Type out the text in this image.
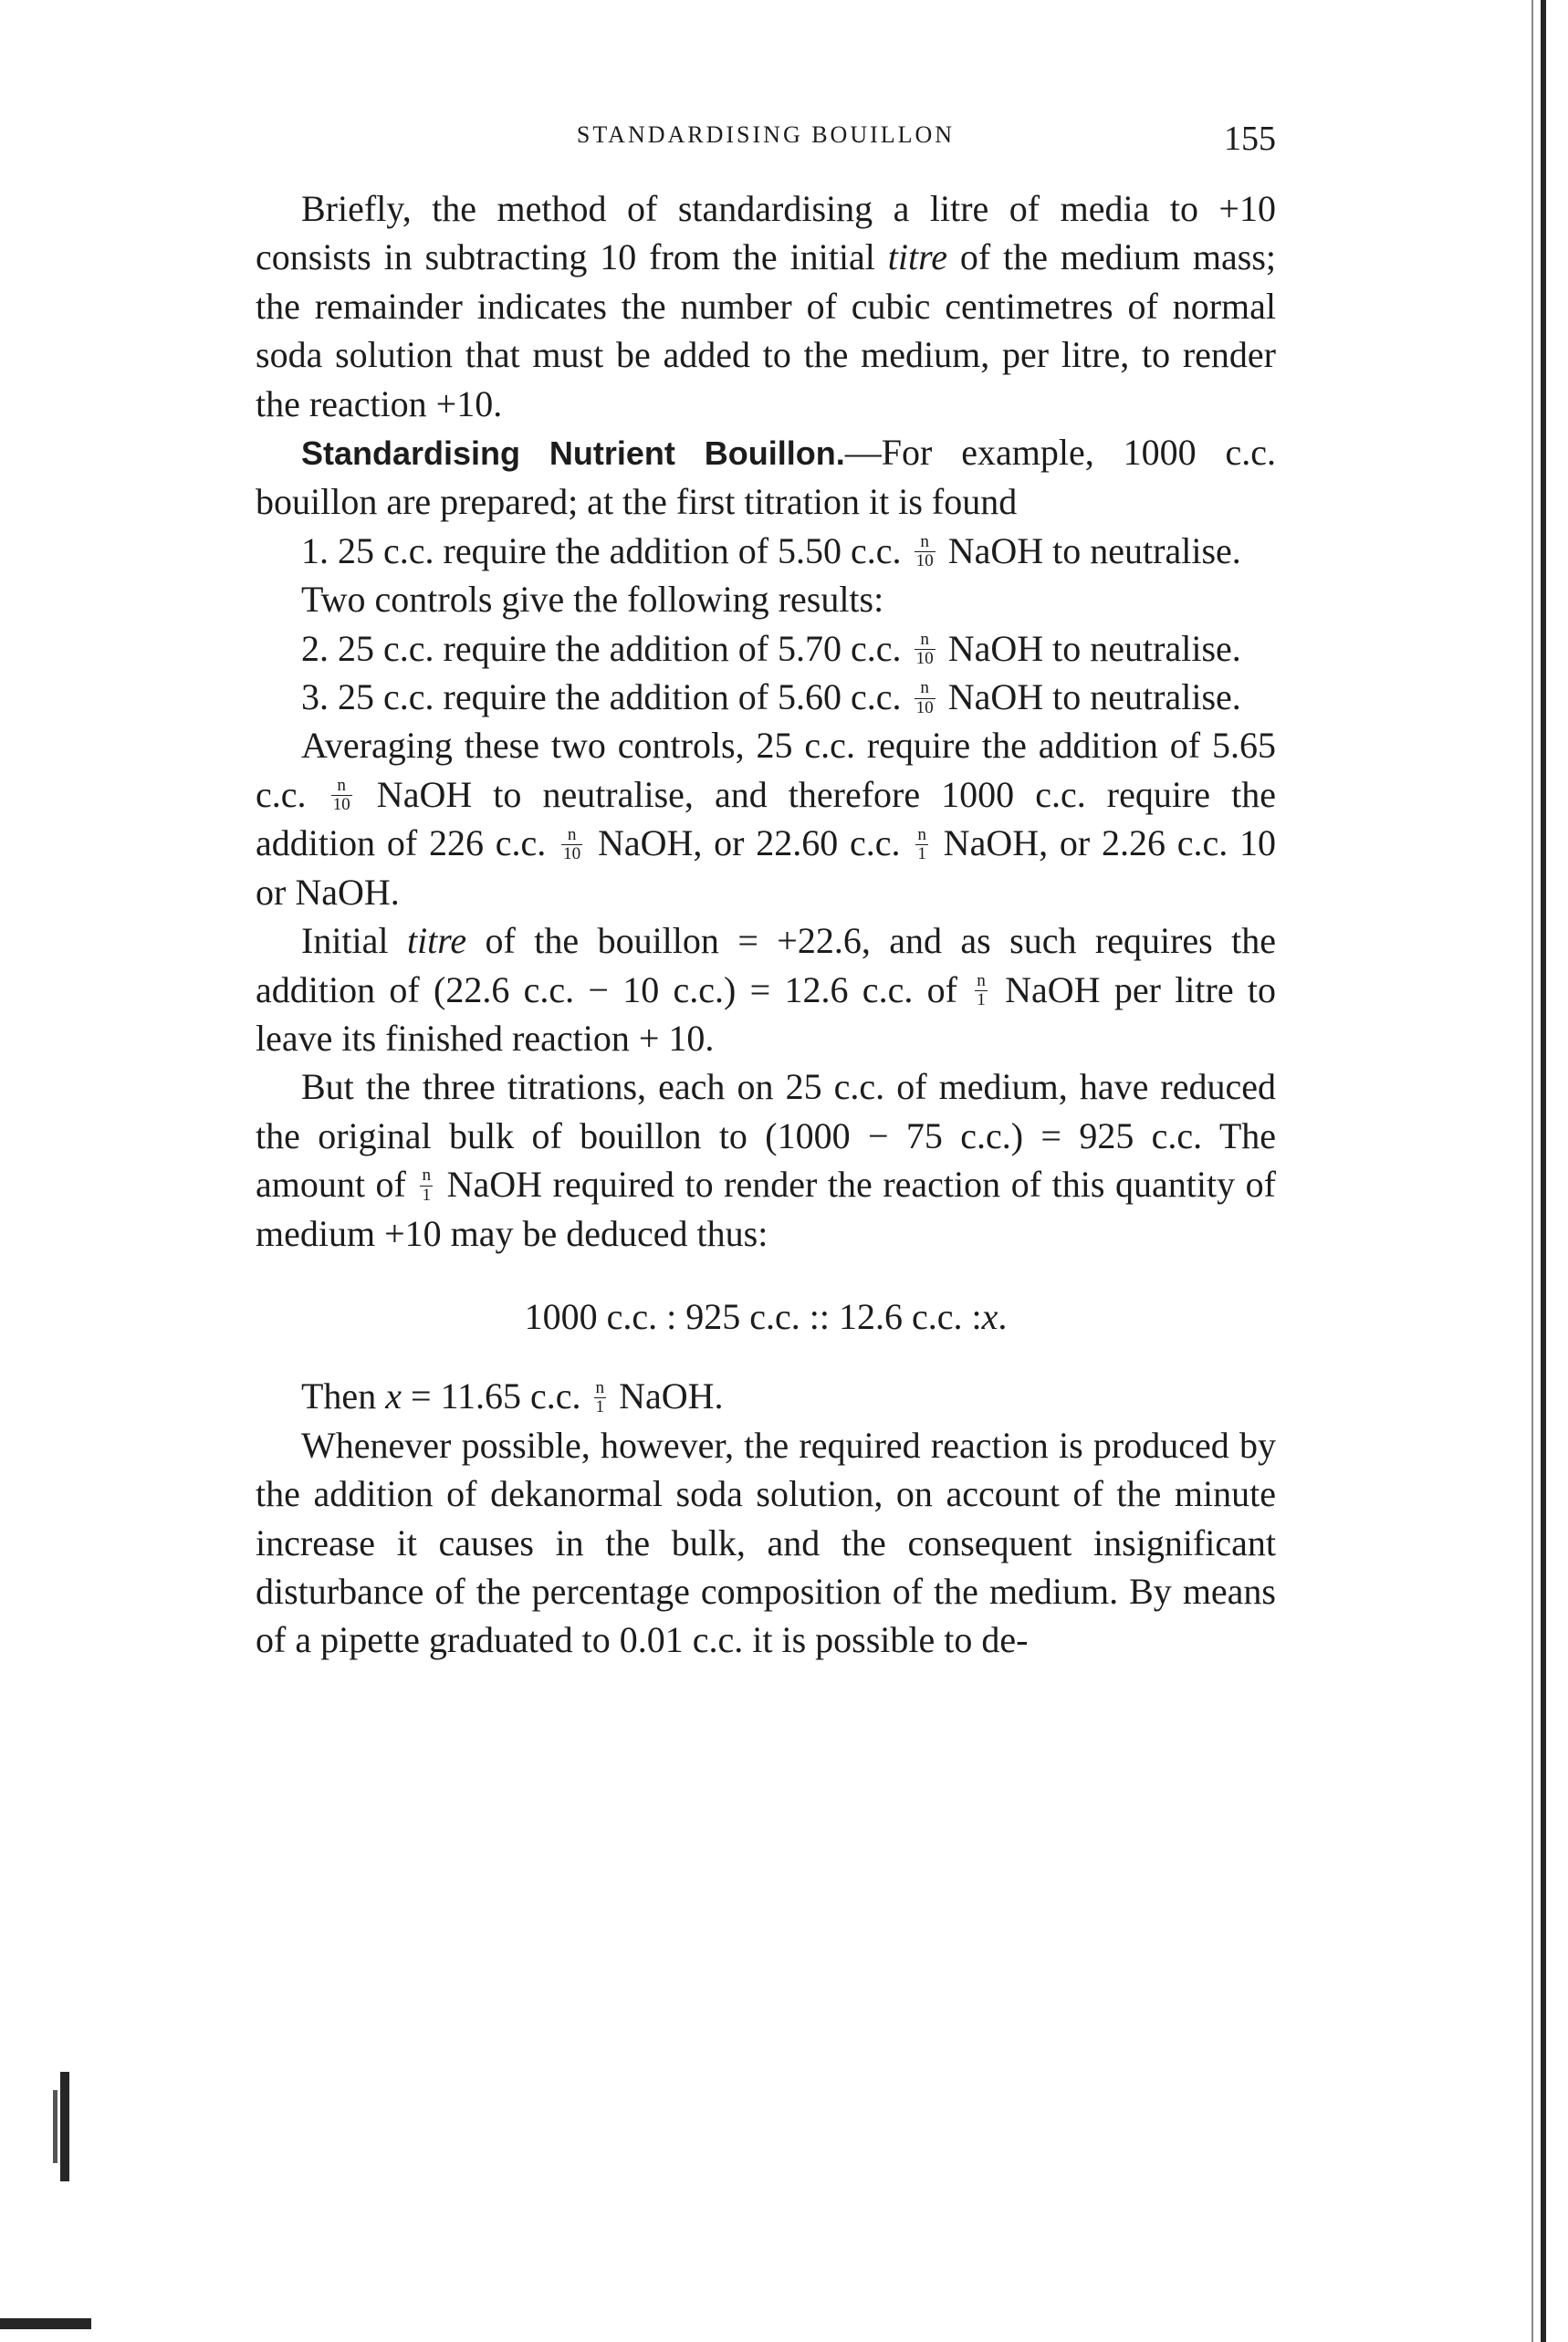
STANDARDISING BOUILLON	155

Briefly, the method of standardising a litre of media to +10 consists in subtracting 10 from the initial titre of the medium mass; the remainder indicates the number of cubic centimetres of normal soda solution that must be added to the medium, per litre, to render the reaction +10.

Standardising Nutrient Bouillon.—For example, 1000 c.c. bouillon are prepared; at the first titration it is found

1. 25 c.c. require the addition of 5.50 c.c. $\frac{n}{10}$ NaOH to neutralise.

Two controls give the following results:

2. 25 c.c. require the addition of 5.70 c.c. $\frac{n}{10}$ NaOH to neutralise.

3. 25 c.c. require the addition of 5.60 c.c. $\frac{n}{10}$ NaOH to neutralise.

Averaging these two controls, 25 c.c. require the addition of 5.65 c.c. $\frac{n}{10}$ NaOH to neutralise, and therefore 1000 c.c. require the addition of 226 c.c. $\frac{n}{10}$ NaOH, or 22.60 c.c. $\frac{n}{1}$ NaOH, or 2.26 c.c. 10 or NaOH.

Initial titre of the bouillon = +22.6, and as such requires the addition of (22.6 c.c. − 10 c.c.) = 12.6 c.c. of $\frac{n}{1}$ NaOH per litre to leave its finished reaction + 10.

But the three titrations, each on 25 c.c. of medium, have reduced the original bulk of bouillon to (1000 − 75 c.c.) = 925 c.c. The amount of $\frac{n}{1}$ NaOH required to render the reaction of this quantity of medium +10 may be deduced thus:

1000 c.c. : 925 c.c. :: 12.6 c.c. :x.

Then x = 11.65 c.c. $\frac{n}{1}$ NaOH.

Whenever possible, however, the required reaction is produced by the addition of dekanormal soda solution, on account of the minute increase it causes in the bulk, and the consequent insignificant disturbance of the percentage composition of the medium. By means of a pipette graduated to 0.01 c.c. it is possible to de-
